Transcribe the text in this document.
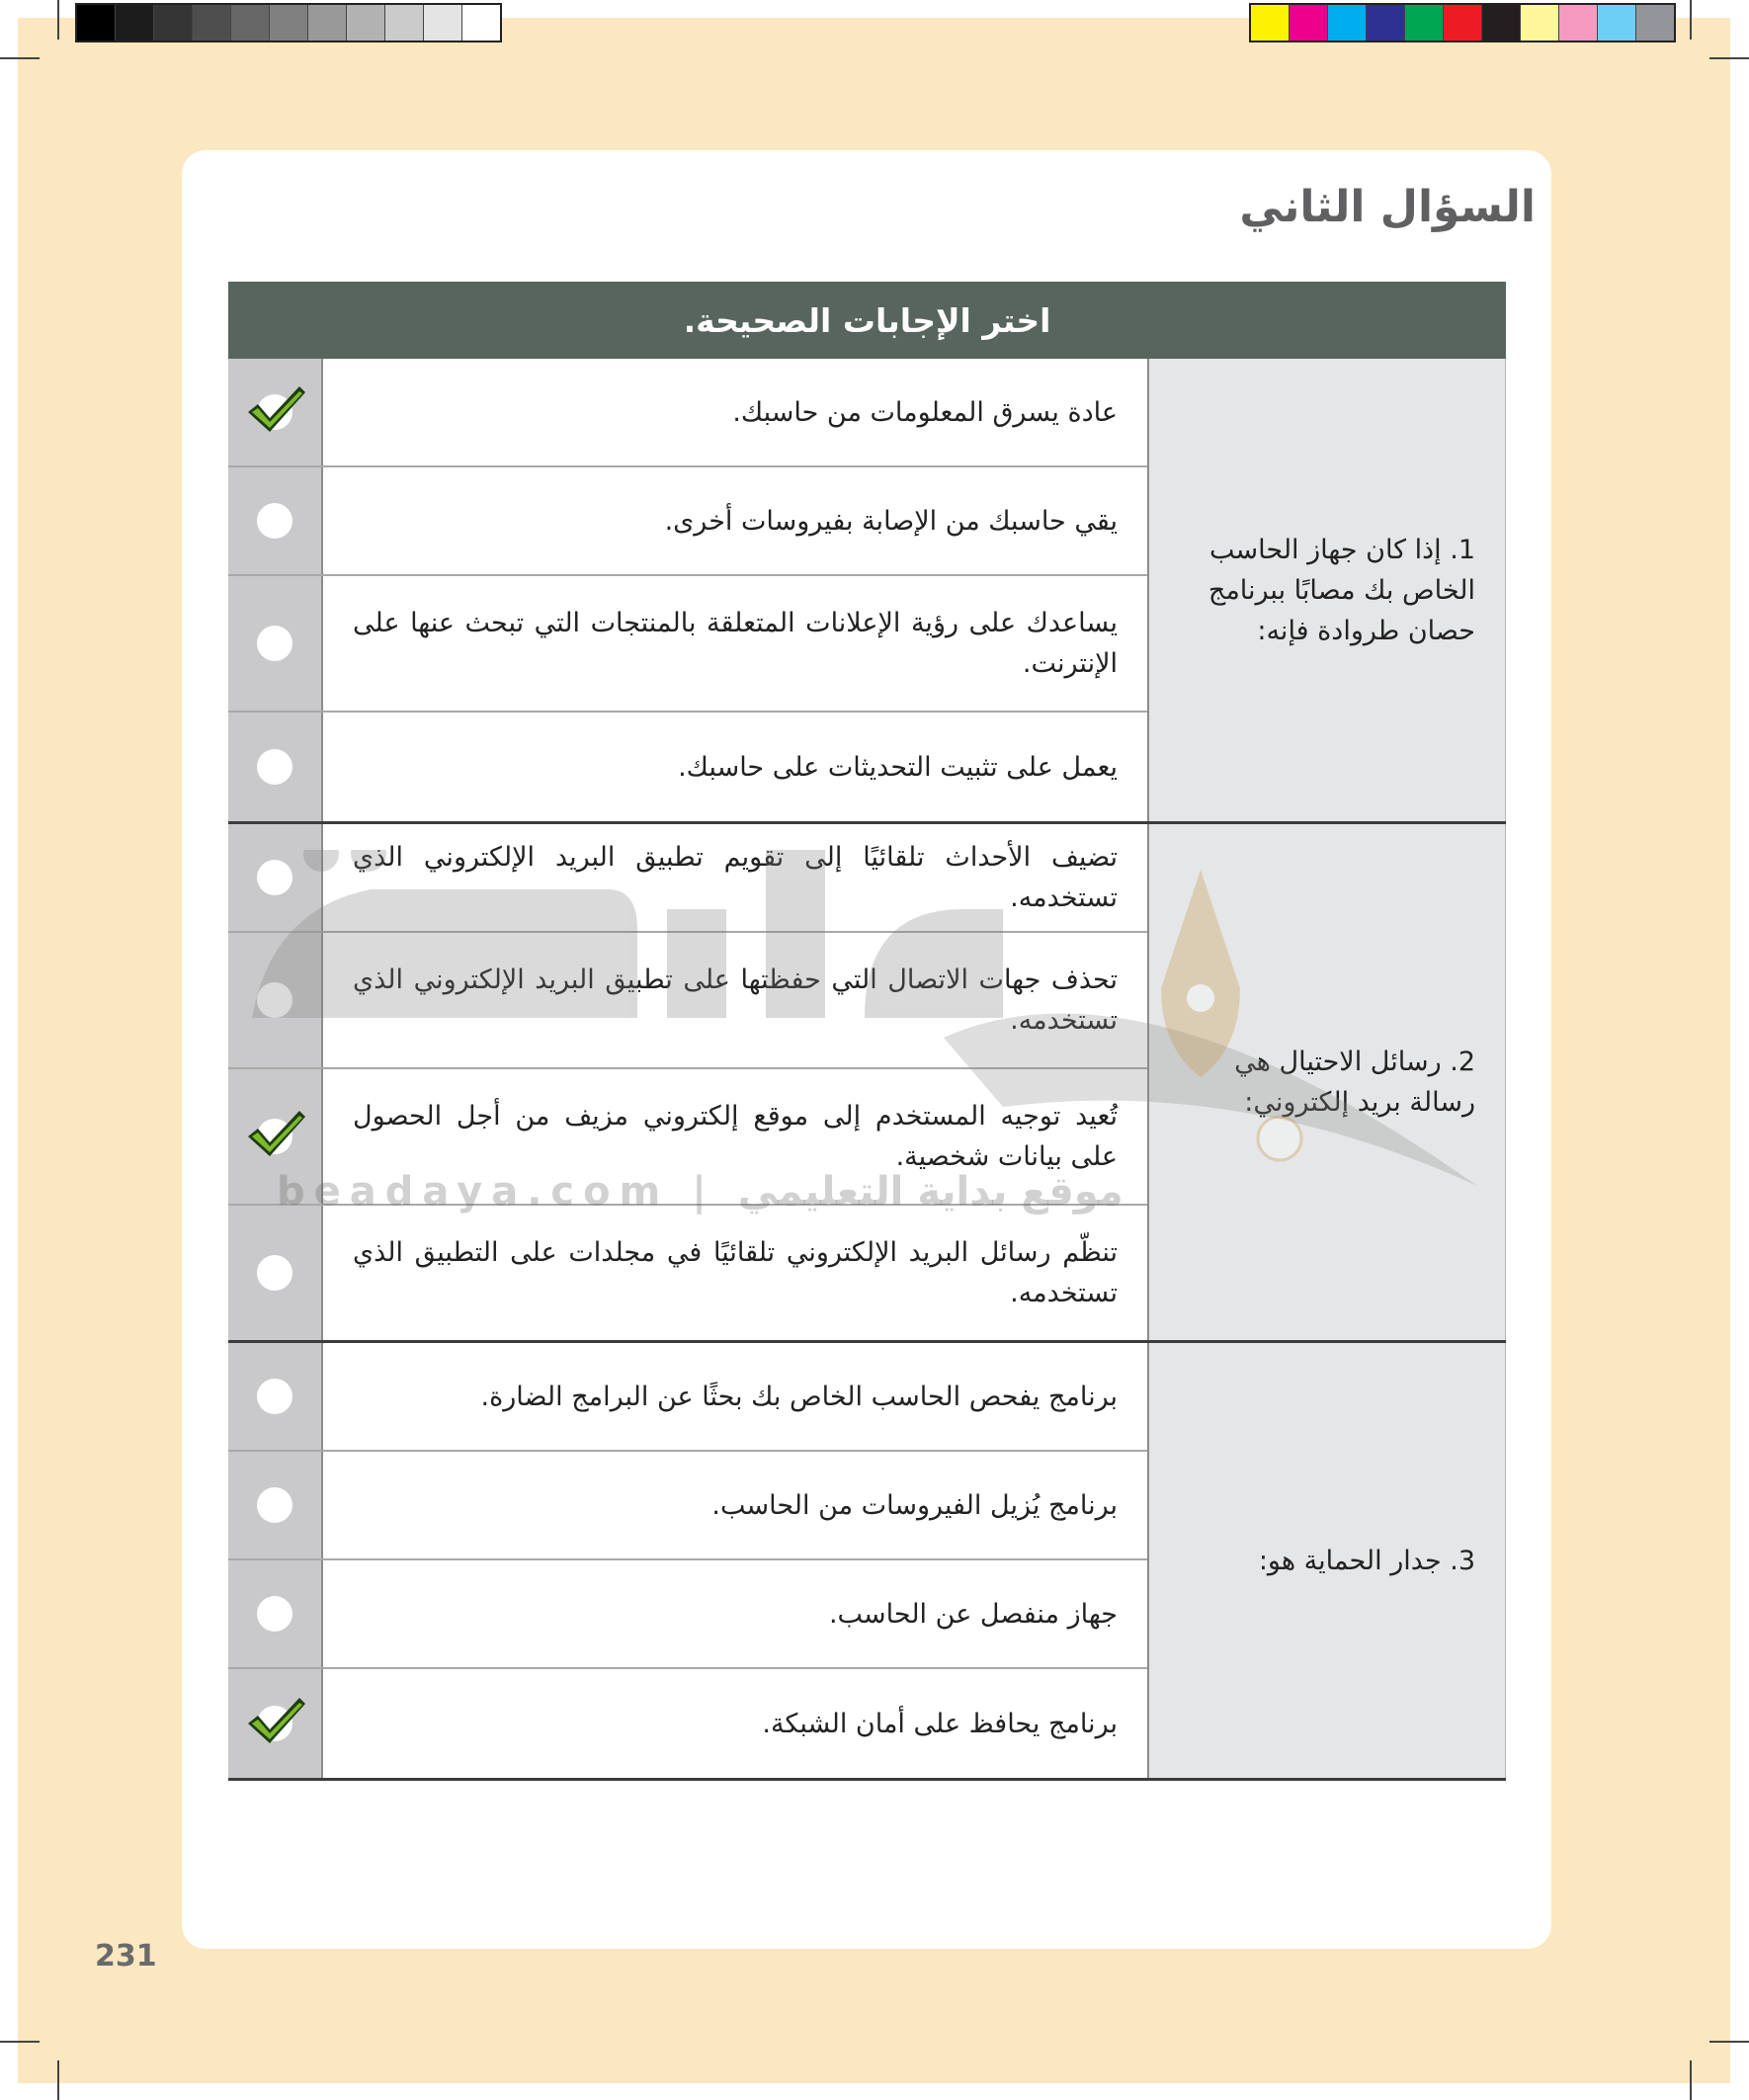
السؤال الثاني
اختر الإجابات الصحيحة.
1. إذا كان جهاز الحاسب الخاص بك مصابًا ببرنامج حصان طروادة فإنه:
عادة يسرق المعلومات من حاسبك.
يقي حاسبك من الإصابة بفيروسات أخرى.
يساعدك على رؤية الإعلانات المتعلقة بالمنتجات التي تبحث عنها على الإنترنت.
يعمل على تثبيت التحديثات على حاسبك.
2. رسائل الاحتيال هي رسالة بريد إلكتروني:
تضيف الأحداث تلقائيًا إلى تقويم تطبيق البريد الإلكتروني الذي تستخدمه.
تحذف جهات الاتصال التي حفظتها على تطبيق البريد الإلكتروني الذي تستخدمه.
تُعيد توجيه المستخدم إلى موقع إلكتروني مزيف من أجل الحصول على بيانات شخصية.
تنظّم رسائل البريد الإلكتروني تلقائيًا في مجلدات على التطبيق الذي تستخدمه.
3. جدار الحماية هو:
برنامج يفحص الحاسب الخاص بك بحثًا عن البرامج الضارة.
برنامج يُزيل الفيروسات من الحاسب.
جهاز منفصل عن الحاسب.
برنامج يحافظ على أمان الشبكة.
beadaya.com | موقع بداية التعليمي
231
